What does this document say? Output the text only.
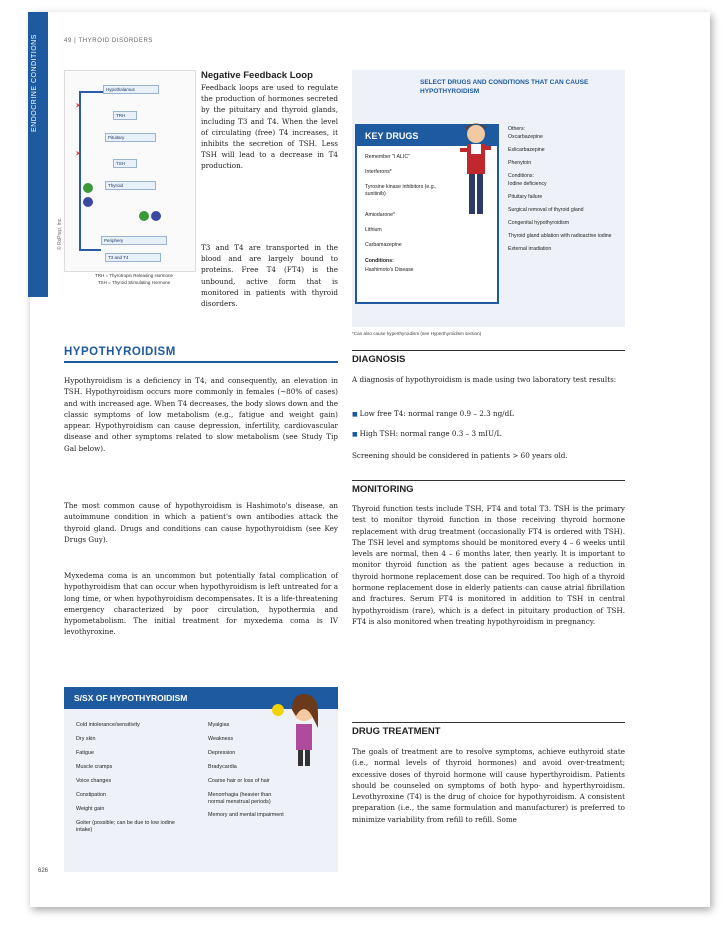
ENDOCRINE CONDITIONS	49 | THYROID DISORDERS
© RxPrep, Inc.
Hypothalamus
TRH
Pituitary
TSH
Thyroid
Periphery
T3 and T4
×
×
TRH = Thyrotropin Releasing Hormone
TSH = Thyroid Stimulating Hormone
Negative Feedback Loop
Feedback loops are used to regulate the production of hormones secreted by the pituitary and thyroid glands, including T3 and T4. When the level of circulating (free) T4 increases, it inhibits the secretion of TSH. Less TSH will lead to a decrease in T4 production.
T3 and T4 are transported in the blood and are largely bound to proteins. Free T4 (FT4) is the unbound, active form that is monitored in patients with thyroid disorders.
SELECT DRUGS AND CONDITIONS THAT CAN CAUSE HYPOTHYROIDISM
KEY DRUGS
Remember "I ALIC"
Interferons*
Tyrosine kinase inhibitors (e.g., sunitinib)
Amiodarone*
Lithium
Carbamazepine
Conditions:
Hashimoto's Disease
Others:
Oxcarbazepine
Eslicarbazepine
Phenytoin
Conditions:
Iodine deficiency
Pituitary failure
Surgical removal of thyroid gland
Congenital hypothyroidism
Thyroid gland ablation with radioactive iodine
External irradiation
*Can also cause hyperthyroidism (see Hyperthyroidism section)
HYPOTHYROIDISM
Hypothyroidism is a deficiency in T4, and consequently, an elevation in TSH. Hypothyroidism occurs more commonly in females (~80% of cases) and with increased age. When T4 decreases, the body slows down and the classic symptoms of low metabolism (e.g., fatigue and weight gain) appear. Hypothyroidism can cause depression, infertility, cardiovascular disease and other symptoms related to slow metabolism (see Study Tip Gal below).
The most common cause of hypothyroidism is Hashimoto's disease, an autoimmune condition in which a patient's own antibodies attack the thyroid gland. Drugs and conditions can cause hypothyroidism (see Key Drugs Guy).
Myxedema coma is an uncommon but potentially fatal complication of hypothyroidism that can occur when hypothyroidism is left untreated for a long time, or when hypothyroidism decompensates. It is a life-threatening emergency characterized by poor circulation, hypothermia and hypometabolism. The initial treatment for myxedema coma is IV levothyroxine.
S/SX OF HYPOTHYROIDISM
Cold intolerance/sensitivity
Dry skin
Fatigue
Muscle cramps
Voice changes
Constipation
Weight gain
Goiter (possible; can be due to low iodine intake)
Myalgias
Weakness
Depression
Bradycardia
Coarse hair or loss of hair
Menorrhagia (heavier than normal menstrual periods)
Memory and mental impairment
DIAGNOSIS
A diagnosis of hypothyroidism is made using two laboratory test results:
■ Low free T4: normal range 0.9 – 2.3 ng/dL
■ High TSH: normal range 0.3 – 3 mIU/L
Screening should be considered in patients > 60 years old.
MONITORING
Thyroid function tests include TSH, FT4 and total T3. TSH is the primary test to monitor thyroid function in those receiving thyroid hormone replacement with drug treatment (occasionally FT4 is ordered with TSH). The TSH level and symptoms should be monitored every 4 – 6 weeks until levels are normal, then 4 – 6 months later, then yearly. It is important to monitor thyroid function as the patient ages because a reduction in thyroid hormone replacement dose can be required. Too high of a thyroid hormone replacement dose in elderly patients can cause atrial fibrillation and fractures. Serum FT4 is monitored in addition to TSH in central hypothyroidism (rare), which is a defect in pituitary production of TSH. FT4 is also monitored when treating hypothyroidism in pregnancy.
DRUG TREATMENT
The goals of treatment are to resolve symptoms, achieve euthyroid state (i.e., normal levels of thyroid hormones) and avoid over-treatment; excessive doses of thyroid hormone will cause hyperthyroidism. Patients should be counseled on symptoms of both hypo- and hyperthyroidism. Levothyroxine (T4) is the drug of choice for hypothyroidism. A consistent preparation (i.e., the same formulation and manufacturer) is preferred to minimize variability from refill to refill. Some
626
